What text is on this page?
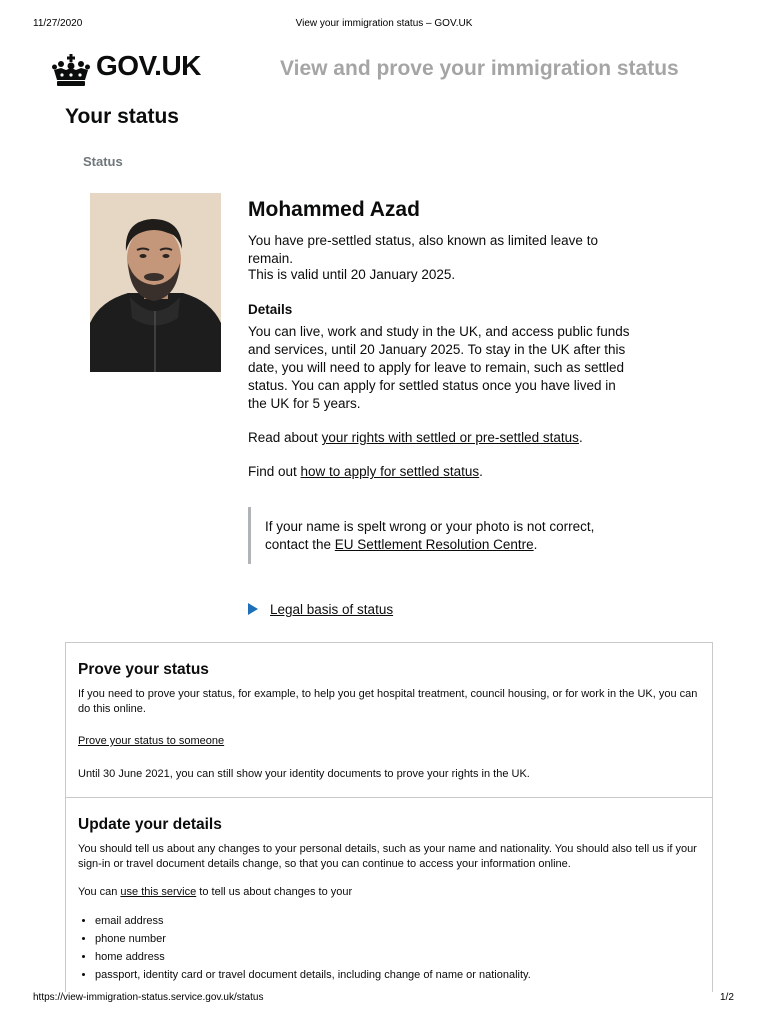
11/27/2020	View your immigration status – GOV.UK
GOV.UK	View and prove your immigration status
Your status
Status
Mohammed Azad
You have pre-settled status, also known as limited leave to remain.
This is valid until 20 January 2025.
Details
You can live, work and study in the UK, and access public funds and services, until 20 January 2025. To stay in the UK after this date, you will need to apply for leave to remain, such as settled status. You can apply for settled status once you have lived in the UK for 5 years.
Read about your rights with settled or pre-settled status.
Find out how to apply for settled status.
If your name is spelt wrong or your photo is not correct,
contact the EU Settlement Resolution Centre.
Legal basis of status
Prove your status

If you need to prove your status, for example, to help you get hospital treatment, council housing, or for work in the UK, you can do this online.

Prove your status to someone

Until 30 June 2021, you can still show your identity documents to prove your rights in the UK.

Update your details

You should tell us about any changes to your personal details, such as your name and nationality. You should also tell us if your sign-in or travel document details change, so that you can continue to access your information online.

You can use this service to tell us about changes to your

• email address
• phone number
• home address
• passport, identity card or travel document details, including change of name or nationality.
https://view-immigration-status.service.gov.uk/status	1/2
